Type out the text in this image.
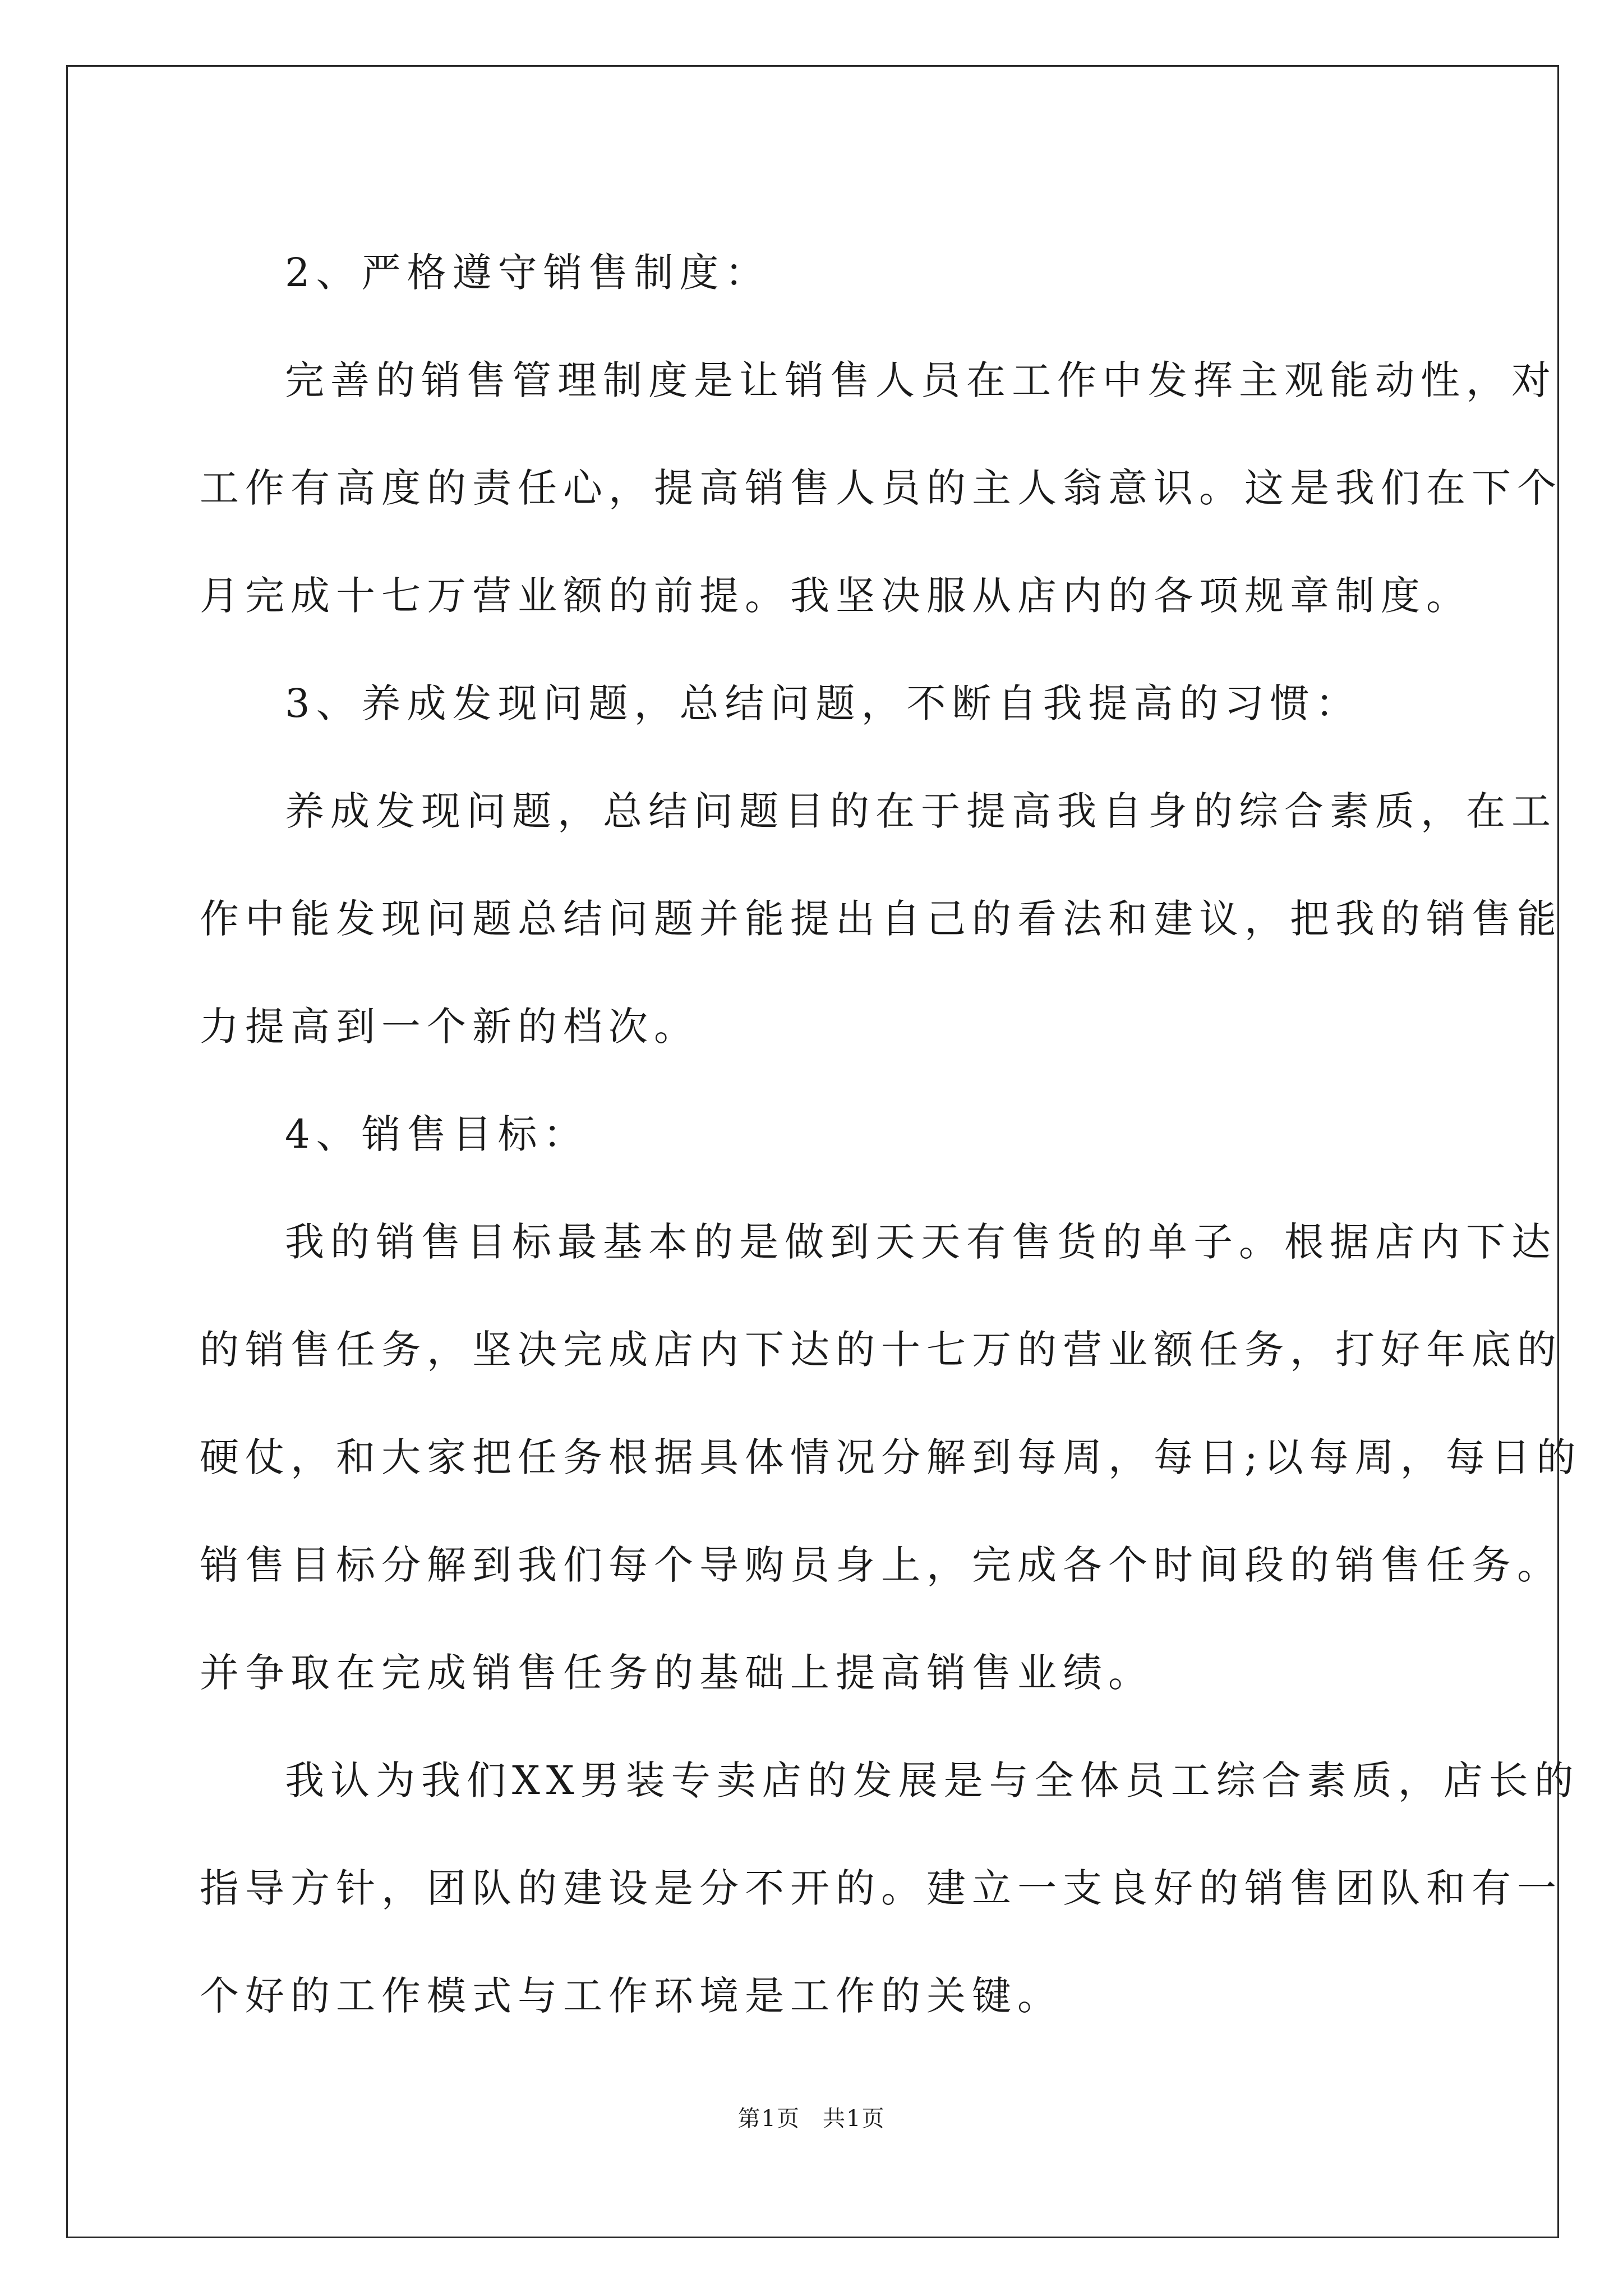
2、严格遵守销售制度：

完善的销售管理制度是让销售人员在工作中发挥主观能动性，对

工作有高度的责任心，提高销售人员的主人翁意识。这是我们在下个

月完成十七万营业额的前提。我坚决服从店内的各项规章制度。

3、养成发现问题，总结问题，不断自我提高的习惯：

养成发现问题，总结问题目的在于提高我自身的综合素质，在工

作中能发现问题总结问题并能提出自己的看法和建议，把我的销售能

力提高到一个新的档次。

4、销售目标：

我的销售目标最基本的是做到天天有售货的单子。根据店内下达

的销售任务，坚决完成店内下达的十七万的营业额任务，打好年底的

硬仗，和大家把任务根据具体情况分解到每周，每日;以每周，每日的

销售目标分解到我们每个导购员身上，完成各个时间段的销售任务。

并争取在完成销售任务的基础上提高销售业绩。

我认为我们XX男装专卖店的发展是与全体员工综合素质，店长的

指导方针，团队的建设是分不开的。建立一支良好的销售团队和有一

个好的工作模式与工作环境是工作的关键。

第1页 共1页
